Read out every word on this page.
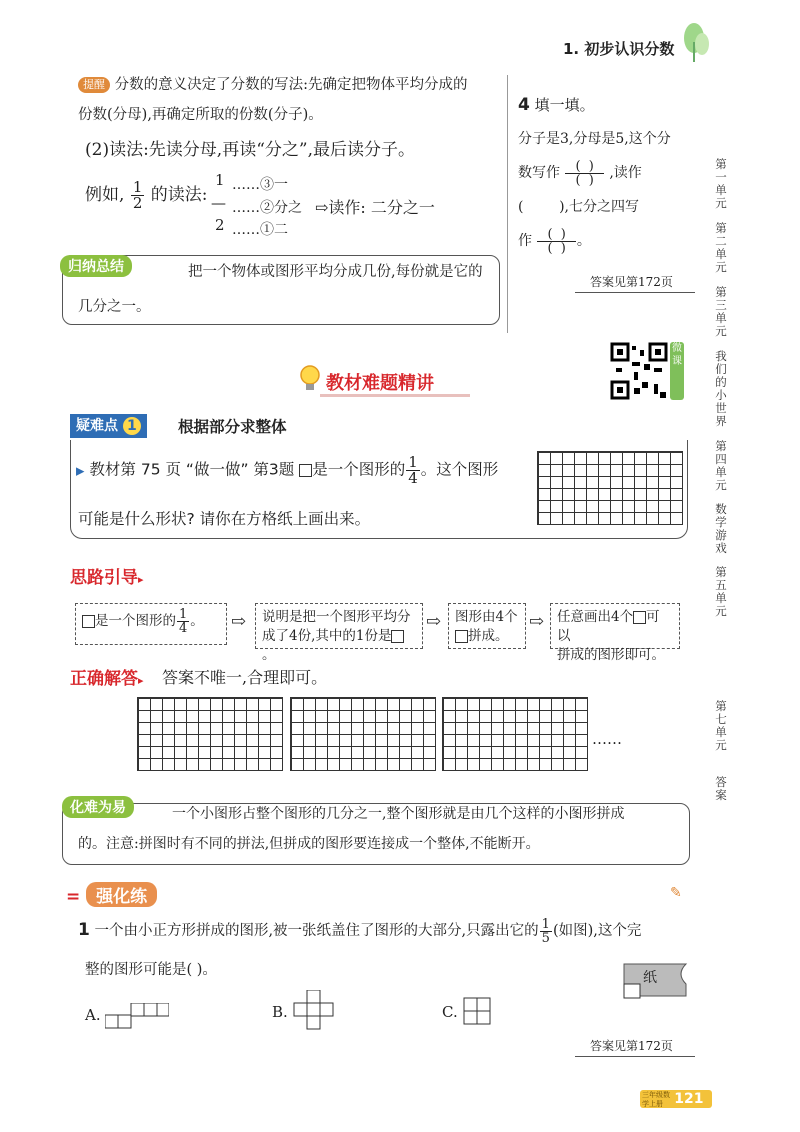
1. 初步认识分数
提醒 分数的意义决定了分数的写法:先确定把物体平均分成的
份数(分母),再确定所取的份数(分子)。
(2)读法:先读分母,再读“分之”,最后读分子。
例如, $\frac{1}{2}$ 的读法:
1
—
2
……③一
……②分之
……①二
⇨读作: 二分之一
归纳总结	把一个物体或图形平均分成几份,每份就是它的
几分之一。
4 填一填。
分子是3,分母是5,这个分
数写作 $\frac{( )}{( )}$ ,读作
(	),七分之四写
作 $\frac{( )}{( )}$ 。
答案见第172页
教材难题精讲
微课
疑难点 1	根据部分求整体
▶ 教材第 75 页 “做一做” 第3题 是一个图形的 $\frac{1}{4}$ 。这个图形
可能是什么形状? 请你在方格纸上画出来。
思路引导▸
是一个图形的 $\frac{1}{4}$ 。	⇨ 说明是把一个图形平均分
成了4份,其中的1份是。
⇨ 图形由4个
拼成。
⇨ 任意画出4个 可以
拼成的图形即可。
正确解答▸ 答案不唯一,合理即可。
……
化难为易	一个小图形占整个图形的几分之一,整个图形就是由几个这样的小图形拼成
的。注意:拼图时有不同的拼法,但拼成的图形要连接成一个整体,不能断开。
= 强化练	✎
1 一个由小正方形拼成的图形,被一张纸盖住了图形的大部分,只露出它的 $\frac{1}{5}$ (如图),这个完
整的图形可能是( )。	纸
A.	B.	C.
答案见第172页
第一单元
第二单元
第三单元
我们的小世界
第四单元
数学游戏
第五单元
第七单元
答案
三年级数学上册 121
